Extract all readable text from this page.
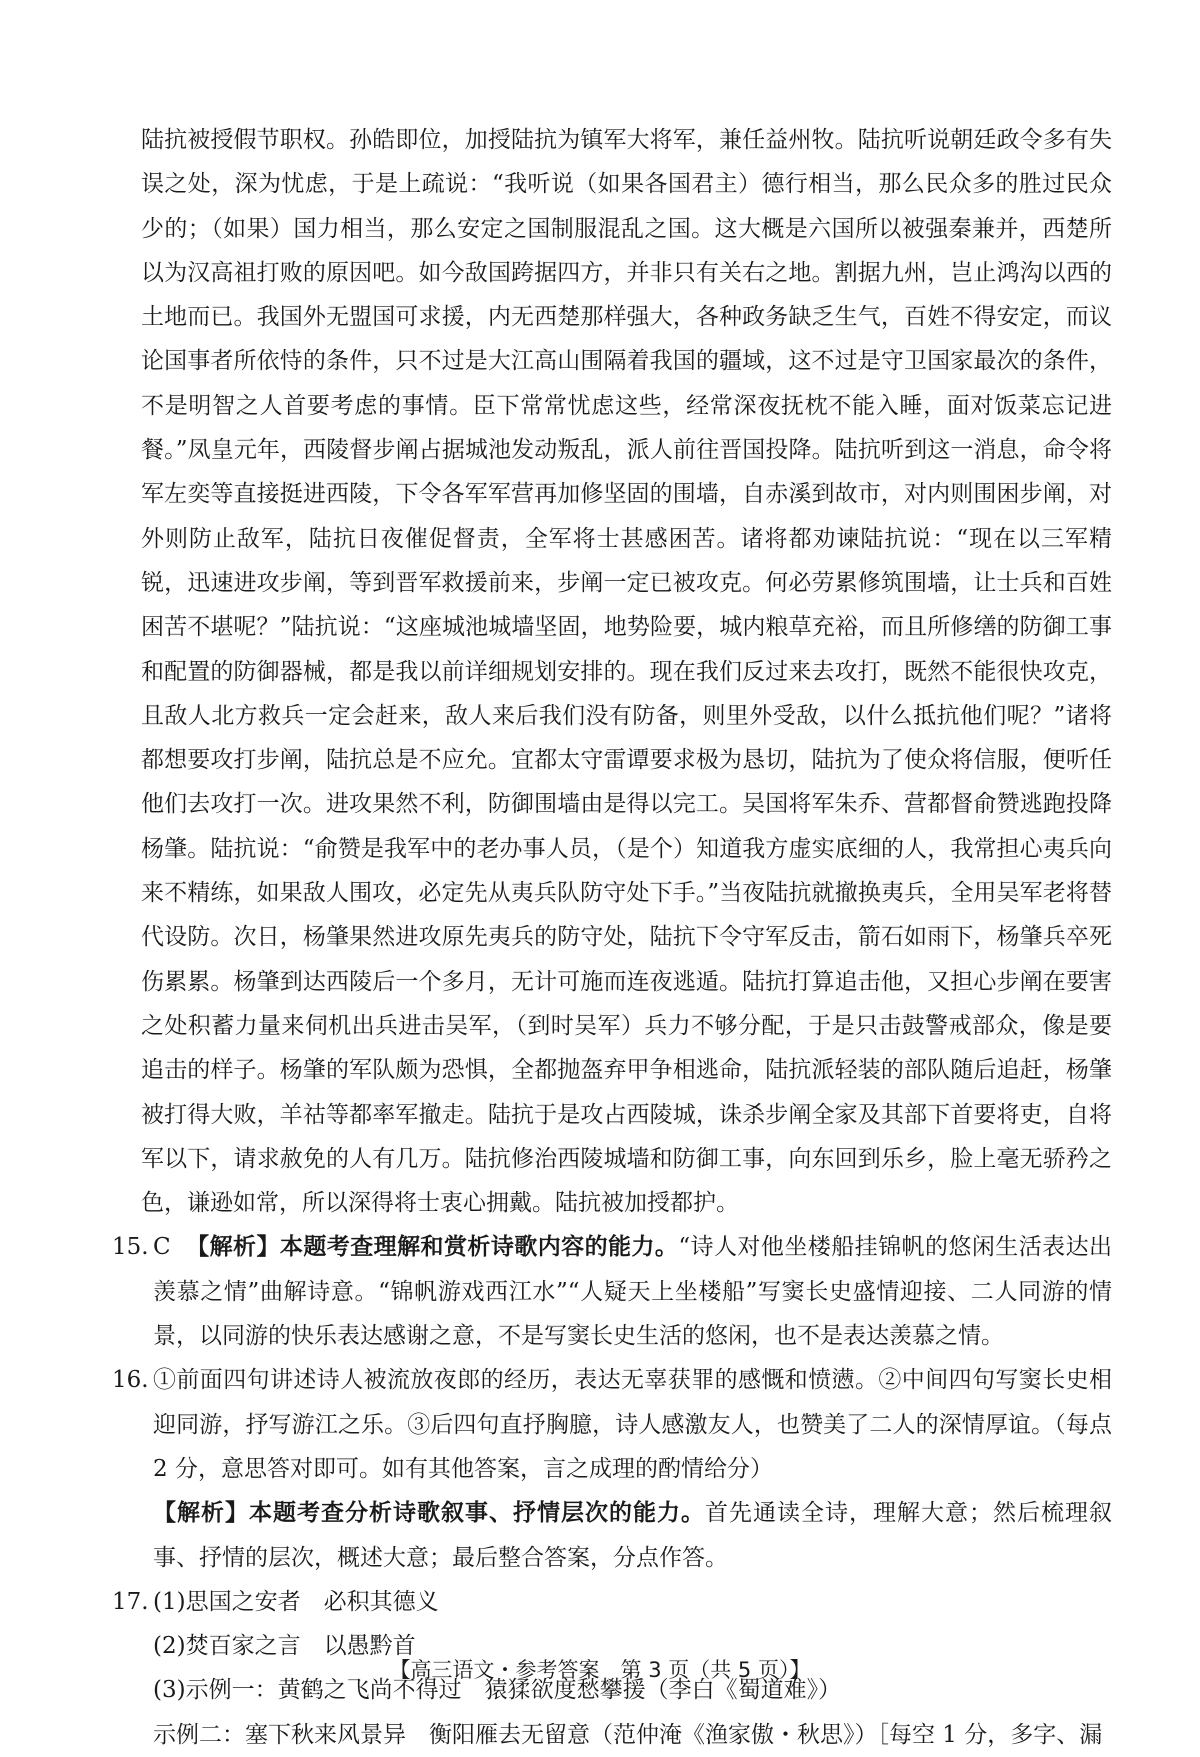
陆抗被授假节职权。孙皓即位，加授陆抗为镇军大将军，兼任益州牧。陆抗听说朝廷政令多有失误之处，深为忧虑，于是上疏说：“我听说（如果各国君主）德行相当，那么民众多的胜过民众少的；（如果）国力相当，那么安定之国制服混乱之国。这大概是六国所以被强秦兼并，西楚所以为汉高祖打败的原因吧。如今敌国跨据四方，并非只有关右之地。割据九州，岂止鸿沟以西的土地而已。我国外无盟国可求援，内无西楚那样强大，各种政务缺乏生气，百姓不得安定，而议论国事者所依恃的条件，只不过是大江高山围隔着我国的疆域，这不过是守卫国家最次的条件，不是明智之人首要考虑的事情。臣下常常忧虑这些，经常深夜抚枕不能入睡，面对饭菜忘记进餐。”凤皇元年，西陵督步阐占据城池发动叛乱，派人前往晋国投降。陆抗听到这一消息，命令将军左奕等直接挺进西陵，下令各军军营再加修坚固的围墙，自赤溪到故市，对内则围困步阐，对外则防止敌军，陆抗日夜催促督责，全军将士甚感困苦。诸将都劝谏陆抗说：“现在以三军精锐，迅速进攻步阐，等到晋军救援前来，步阐一定已被攻克。何必劳累修筑围墙，让士兵和百姓困苦不堪呢？”陆抗说：“这座城池城墙坚固，地势险要，城内粮草充裕，而且所修缮的防御工事和配置的防御器械，都是我以前详细规划安排的。现在我们反过来去攻打，既然不能很快攻克，且敌人北方救兵一定会赶来，敌人来后我们没有防备，则里外受敌，以什么抵抗他们呢？”诸将都想要攻打步阐，陆抗总是不应允。宜都太守雷谭要求极为恳切，陆抗为了使众将信服，便听任他们去攻打一次。进攻果然不利，防御围墙由是得以完工。吴国将军朱乔、营都督俞赞逃跑投降杨肇。陆抗说：“俞赞是我军中的老办事人员，（是个）知道我方虚实底细的人，我常担心夷兵向来不精练，如果敌人围攻，必定先从夷兵队防守处下手。”当夜陆抗就撤换夷兵，全用吴军老将替代设防。次日，杨肇果然进攻原先夷兵的防守处，陆抗下令守军反击，箭石如雨下，杨肇兵卒死伤累累。杨肇到达西陵后一个多月，无计可施而连夜逃遁。陆抗打算追击他，又担心步阐在要害之处积蓄力量来伺机出兵进击吴军，（到时吴军）兵力不够分配，于是只击鼓警戒部众，像是要追击的样子。杨肇的军队颇为恐惧，全都抛盔弃甲争相逃命，陆抗派轻装的部队随后追赶，杨肇被打得大败，羊祜等都率军撤走。陆抗于是攻占西陵城，诛杀步阐全家及其部下首要将吏，自将军以下，请求赦免的人有几万。陆抗修治西陵城墙和防御工事，向东回到乐乡，脸上毫无骄矜之色，谦逊如常，所以深得将士衷心拥戴。陆抗被加授都护。
15. C 【解析】本题考查理解和赏析诗歌内容的能力。“诗人对他坐楼船挂锦帆的悠闲生活表达出羡慕之情”曲解诗意。“锦帆游戏西江水”“人疑天上坐楼船”写窦长史盛情迎接、二人同游的情景，以同游的快乐表达感谢之意，不是写窦长史生活的悠闲，也不是表达羡慕之情。
16. ①前面四句讲述诗人被流放夜郎的经历，表达无辜获罪的感慨和愤懑。②中间四句写窦长史相迎同游，抒写游江之乐。③后四句直抒胸臆，诗人感激友人，也赞美了二人的深情厚谊。（每点 2 分，意思答对即可。如有其他答案，言之成理的酌情给分）
【解析】本题考查分析诗歌叙事、抒情层次的能力。首先通读全诗，理解大意；然后梳理叙事、抒情的层次，概述大意；最后整合答案，分点作答。
17. (1)思国之安者　必积其德义
(2)焚百家之言　以愚黔首
(3)示例一：黄鹤之飞尚不得过　猿猱欲度愁攀援（李白《蜀道难》）
示例二：塞下秋来风景异　衡阳雁去无留意（范仲淹《渔家傲・秋思》）［每空 1 分，多字、漏
【高三语文・参考答案　第 3 页（共 5 页）】
